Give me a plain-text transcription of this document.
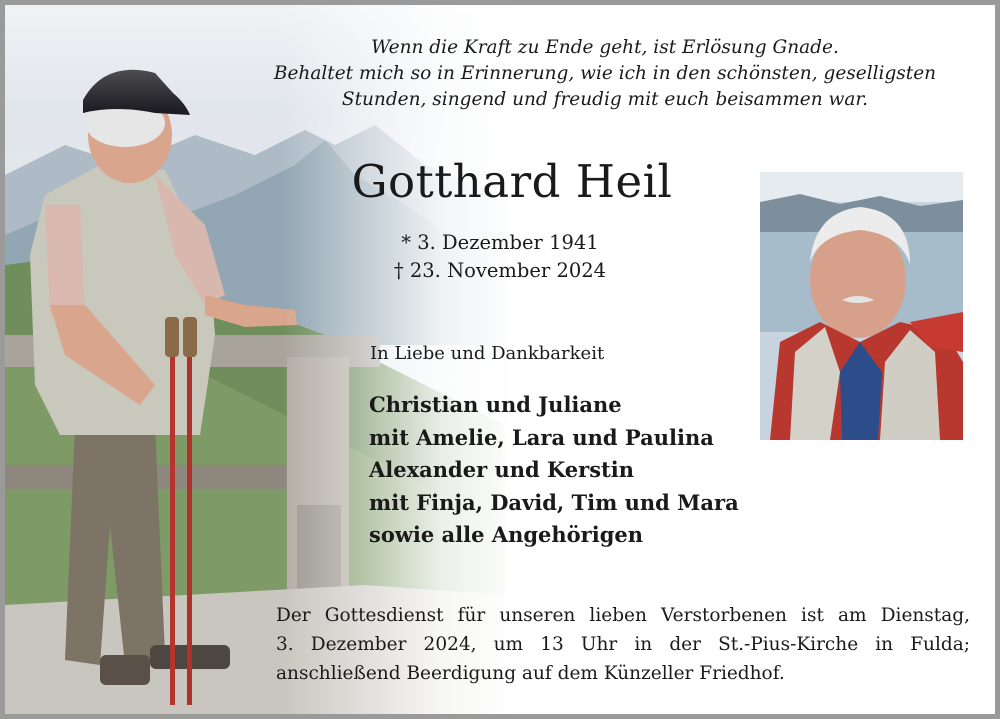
Wenn die Kraft zu Ende geht, ist Erlösung Gnade.
Behaltet mich so in Erinnerung, wie ich in den schönsten, geselligsten
Stunden, singend und freudig mit euch beisammen war.

Gotthard Heil

* 3. Dezember 1941
† 23. November 2024

In Liebe und Dankbarkeit

Christian und Juliane
mit Amelie, Lara und Paulina
Alexander und Kerstin
mit Finja, David, Tim und Mara
sowie alle Angehörigen

Der Gottesdienst für unseren lieben Verstorbenen ist am Dienstag,
3. Dezember 2024, um 13 Uhr in der St.-Pius-Kirche in Fulda;
anschließend Beerdigung auf dem Künzeller Friedhof.
